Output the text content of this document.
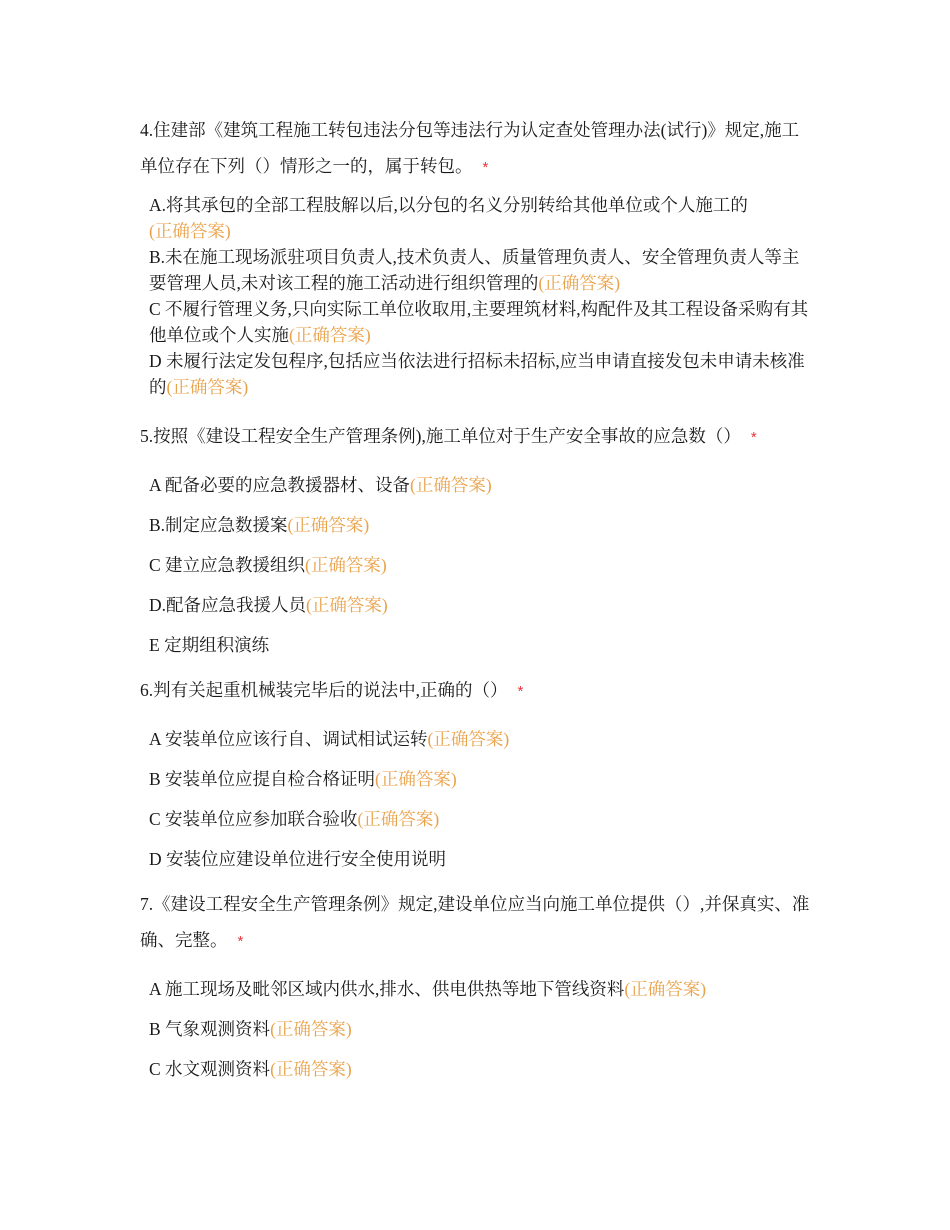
4.住建部《建筑工程施工转包违法分包等违法行为认定查处管理办法(试行)》规定,施工单位存在下列（）情形之一的，属于转包。 *

A.将其承包的全部工程肢解以后,以分包的名义分别转给其他单位或个人施工的
(正确答案)
B.未在施工现场派驻项目负责人,技术负责人、质量管理负责人、安全管理负责人等主要管理人员,未对该工程的施工活动进行组织管理的(正确答案)
C 不履行管理义务,只向实际工单位收取用,主要理筑材料,构配件及其工程设备采购有其他单位或个人实施(正确答案)
D 未履行法定发包程序,包括应当依法进行招标未招标,应当申请直接发包未申请未核准的(正确答案)

5.按照《建设工程安全生产管理条例),施工单位对于生产安全事故的应急数（） *

A 配备必要的应急教援器材、设备(正确答案)
B.制定应急数援案(正确答案)
C 建立应急教援组织(正确答案)
D.配备应急我援人员(正确答案)
E 定期组积演练

6.判有关起重机械装完毕后的说法中,正确的（） *

A 安装单位应该行自、调试相试运转(正确答案)
B 安装单位应提自检合格证明(正确答案)
C 安装单位应参加联合验收(正确答案)
D 安装位应建设单位进行安全使用说明

7.《建设工程安全生产管理条例》规定,建设单位应当向施工单位提供（）,并保真实、准确、完整。 *

A 施工现场及毗邻区域内供水,排水、供电供热等地下管线资料(正确答案)
B 气象观测资料(正确答案)
C 水文观测资料(正确答案)
